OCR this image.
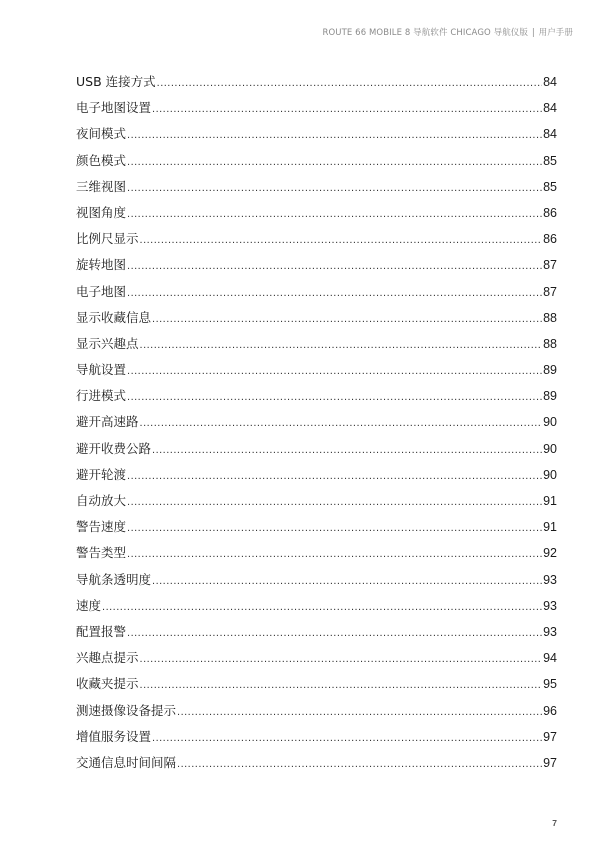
ROUTE 66 MOBILE 8 导航软件 CHICAGO 导航仪版 | 用户手册
USB 连接方式 .....	84
电子地图设置 .....	84
夜间模式 .....	84
颜色模式 .....	85
三维视图 .....	85
视图角度 .....	86
比例尺显示 .....	86
旋转地图 .....	87
电子地图 .....	87
显示收藏信息 .....	88
显示兴趣点 .....	88
导航设置 .....	89
行进模式 .....	89
避开高速路 .....	90
避开收费公路 .....	90
避开轮渡 .....	90
自动放大 .....	91
警告速度 .....	91
警告类型 .....	92
导航条透明度 .....	93
速度 .....	93
配置报警 .....	93
兴趣点提示 .....	94
收藏夹提示 .....	95
测速摄像设备提示 .....	96
增值服务设置 .....	97
交通信息时间间隔 .....	97
7
